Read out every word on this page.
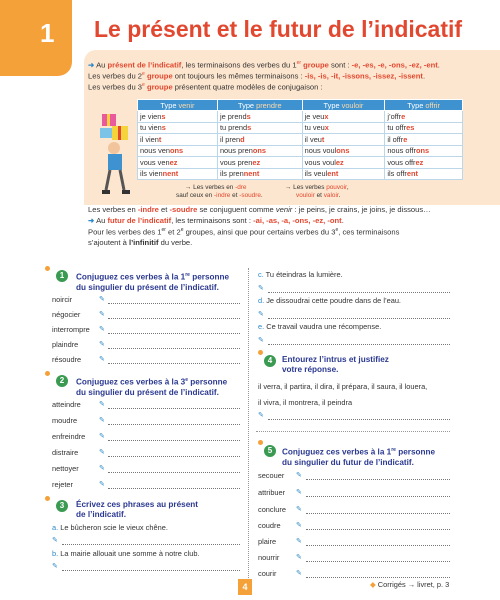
1 Le présent et le futur de l’indicatif
➜ Au présent de l’indicatif, les terminaisons des verbes du 1er groupe sont : -e, -es, -e, -ons, -ez, -ent.
Les verbes du 2e groupe ont toujours les mêmes terminaisons : -is, -is, -it, -issons, -issez, -issent.
Les verbes du 3e groupe présentent quatre modèles de conjugaison :
Type venir	Type prendre	Type vouloir	Type offrir
je viens	je prends	je veux	j’offre
tu viens	tu prends	tu veux	tu offres
il vient	il prend	il veut	il offre
nous venons	nous prenons	nous voulons	nous offrons
vous venez	vous prenez	vous voulez	vous offrez
ils viennent	ils prennent	ils veulent	ils offrent
→ Les verbes en -dre
sauf ceux en -indre et -soudre.
→ Les verbes pouvoir,
vouloir et valoir.
Les verbes en -indre et -soudre se conjuguent comme venir : je peins, je crains, je joins, je dissous…
➜ Au futur de l’indicatif, les terminaisons sont : -ai, -as, -a, -ons, -ez, -ont.
Pour les verbes des 1er et 2e groupes, ainsi que pour certains verbes du 3e, ces terminaisons
s’ajoutent à l’infinitif du verbe.
1	Conjuguez ces verbes à la 1re personne
du singulier du présent de l’indicatif.
noircir
négocier
interrompre
plaindre
résoudre
✎
✎
✎
✎
✎
2	Conjuguez ces verbes à la 3e personne
du singulier du présent de l’indicatif.
atteindre
moudre
enfreindre
distraire
nettoyer
rejeter
✎
✎
✎
✎
✎
✎
3	Écrivez ces phrases au présent
de l’indicatif.
a. Le bûcheron scie le vieux chêne.
✎
b. La mairie allouait une somme à notre club.
✎
c. Tu éteindras la lumière.
✎
d. Je dissoudrai cette poudre dans de l’eau.
✎
e. Ce travail vaudra une récompense.
✎
4	Entourez l’intrus et justifiez
votre réponse.
il verra, il partira, il dira, il prépara, il saura, il louera,
il vivra, il montrera, il peindra
✎
5	Conjuguez ces verbes à la 1re personne
du singulier du futur de l’indicatif.
secouer
attribuer
conclure
coudre
plaire
nourrir
courir
✎
✎
✎
✎
✎
✎
✎
4	◆ Corrigés → livret, p. 3
